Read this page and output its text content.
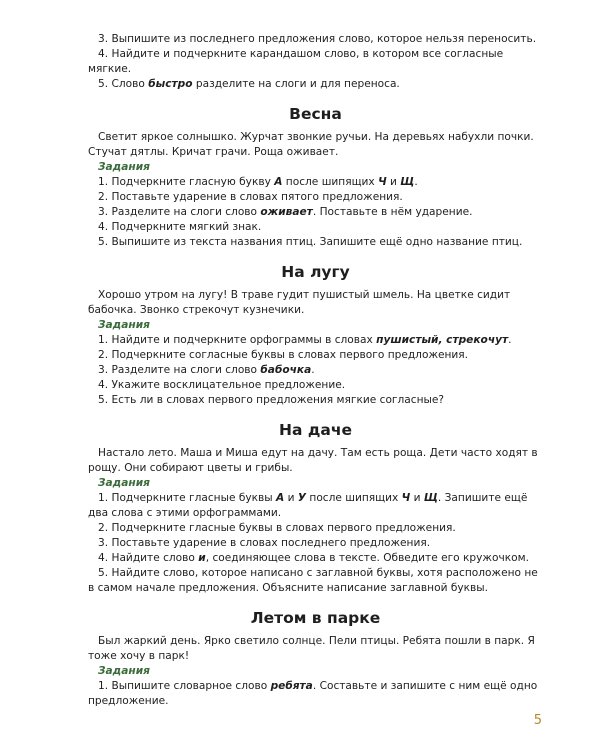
3. Выпишите из последнего предложения слово, которое нельзя переносить.

4. Найдите и подчеркните карандашом слово, в котором все согласные мягкие.

5. Слово быстро разделите на слоги и для переноса.

Весна

Светит яркое солнышко. Журчат звонкие ручьи. На деревьях набухли почки. Стучат дятлы. Кричат грачи. Роща оживает.

Задания

1. Подчеркните гласную букву А после шипящих Ч и Щ.

2. Поставьте ударение в словах пятого предложения.

3. Разделите на слоги слово оживает. Поставьте в нём ударение.

4. Подчеркните мягкий знак.

5. Выпишите из текста названия птиц. Запишите ещё одно название птиц.

На лугу

Хорошо утром на лугу! В траве гудит пушистый шмель. На цветке сидит бабочка. Звонко стрекочут кузнечики.

Задания

1. Найдите и подчеркните орфограммы в словах пушистый, стрекочут.

2. Подчеркните согласные буквы в словах первого предложения.

3. Разделите на слоги слово бабочка.

4. Укажите восклицательное предложение.

5. Есть ли в словах первого предложения мягкие согласные?

На даче

Настало лето. Маша и Миша едут на дачу. Там есть роща. Дети часто ходят в рощу. Они собирают цветы и грибы.

Задания

1. Подчеркните гласные буквы А и У после шипящих Ч и Щ. Запишите ещё два слова с этими орфограммами.

2. Подчеркните гласные буквы в словах первого предложения.

3. Поставьте ударение в словах последнего предложения.

4. Найдите слово и, соединяющее слова в тексте. Обведите его кружочком.

5. Найдите слово, которое написано с заглавной буквы, хотя расположено не в самом начале предложения. Объясните написание заглавной буквы.

Летом в парке

Был жаркий день. Ярко светило солнце. Пели птицы. Ребята пошли в парк. Я тоже хочу в парк!

Задания

1. Выпишите словарное слово ребята. Составьте и запишите с ним ещё одно предложение.

5
